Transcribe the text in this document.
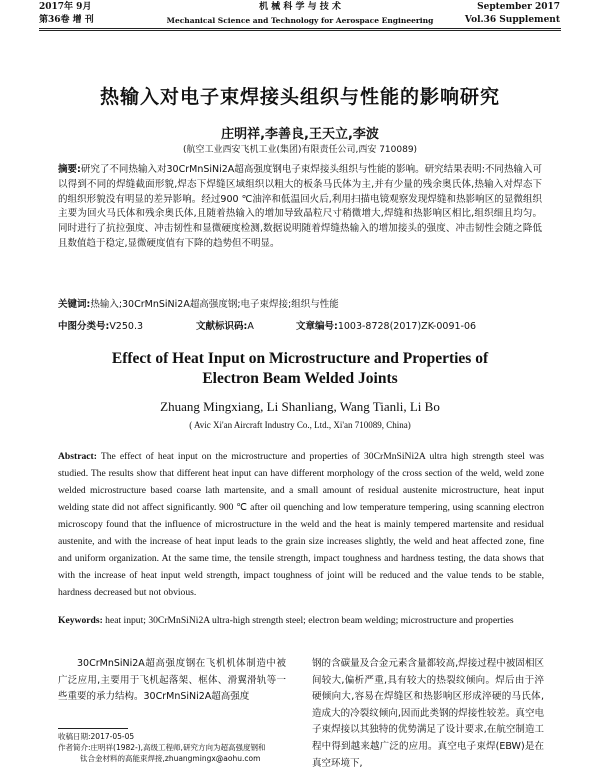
2017年 9月
第36卷 增 刊
机 械 科 学 与 技 术
Mechanical Science and Technology for Aerospace Engineering
September 2017
Vol.36 Supplement
热输入对电子束焊接头组织与性能的影响研究
庄明祥,李善良,王天立,李波
(航空工业西安飞机工业(集团)有限责任公司,西安 710089)
摘要:研究了不同热输入对30CrMnSiNi2A超高强度钢电子束焊接头组织与性能的影响。研究结果表明:不同热输入可以得到不同的焊缝截面形貌,焊态下焊缝区域组织以粗大的板条马氏体为主,并有少量的残余奥氏体,热输入对焊态下的组织形貌没有明显的差异影响。经过900 ℃油淬和低温回火后,利用扫描电镜观察发现焊缝和热影响区的显微组织主要为回火马氏体和残余奥氏体,且随着热输入的增加导致晶粒尺寸稍微增大,焊缝和热影响区相比,组织细且均匀。同时进行了抗拉强度、冲击韧性和显微硬度检测,数据说明随着焊缝热输入的增加接头的强度、冲击韧性会随之降低且数值趋于稳定,显微硬度值有下降的趋势但不明显。
关键词:热输入;30CrMnSiNi2A超高强度钢;电子束焊接;组织与性能
中图分类号:V250.3	文献标识码:A	文章编号:1003-8728(2017)ZK-0091-06
Effect of Heat Input on Microstructure and Properties of
Electron Beam Welded Joints
Zhuang Mingxiang, Li Shanliang, Wang Tianli, Li Bo
( Avic Xi'an Aircraft Industry Co., Ltd., Xi'an 710089, China)
Abstract: The effect of heat input on the microstructure and properties of 30CrMnSiNi2A ultra high strength steel was studied. The results show that different heat input can have different morphology of the cross section of the weld, weld zone welded microstructure based coarse lath martensite, and a small amount of residual austenite microstructure, heat input welding state did not affect significantly. 900 ℃ after oil quenching and low temperature tempering, using scanning electron microscopy found that the influence of microstructure in the weld and the heat is mainly tempered martensite and residual austenite, and with the increase of heat input leads to the grain size increases slightly, the weld and heat affected zone, fine and uniform organization. At the same time, the tensile strength, impact toughness and hardness testing, the data shows that with the increase of heat input weld strength, impact toughness of joint will be reduced and the value tends to be stable, hardness decreased but not obvious.
Keywords: heat input; 30CrMnSiNi2A ultra-high strength steel; electron beam welding; microstructure and properties
30CrMnSiNi2A超高强度钢在飞机机体制造中被广泛应用,主要用于飞机起落架、框体、滑翼滑轨等一些重要的承力结构。30CrMnSiNi2A超高强度
钢的含碳量及合金元素含量都较高,焊接过程中被固相区间较大,偏析严重,具有较大的热裂纹倾向。焊后由于淬硬倾向大,容易在焊缝区和热影响区形成淬硬的马氏体,造成大的冷裂纹倾向,因而此类钢的焊接性较差。真空电子束焊接以其独特的优势满足了设计要求,在航空制造工程中得到越来越广泛的应用。真空电子束焊(EBW)是在真空环境下,
收稿日期:2017-05-05
作者简介:庄明祥(1982-),高级工程师,研究方向为超高强度钢和
钛合金材料的高能束焊接,zhuangmingx@aohu.com
